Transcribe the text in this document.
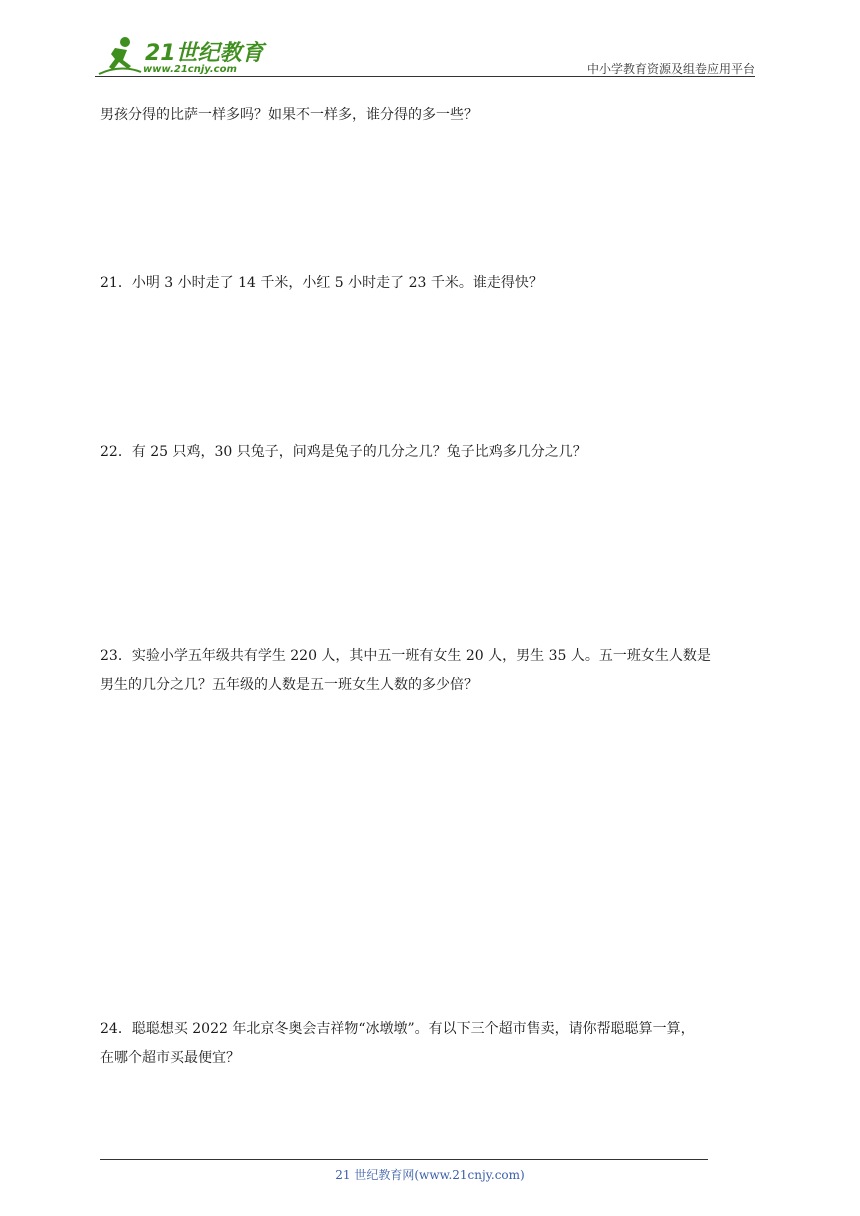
21世纪教育
www.21cnjy.com	中小学教育资源及组卷应用平台
男孩分得的比萨一样多吗？如果不一样多，谁分得的多一些？
21．小明 3 小时走了 14 千米，小红 5 小时走了 23 千米。谁走得快？
22．有 25 只鸡，30 只兔子，问鸡是兔子的几分之几？兔子比鸡多几分之几？
23．实验小学五年级共有学生 220 人，其中五一班有女生 20 人，男生 35 人。五一班女生人数是
男生的几分之几？五年级的人数是五一班女生人数的多少倍？
24．聪聪想买 2022 年北京冬奥会吉祥物“冰墩墩”。有以下三个超市售卖，请你帮聪聪算一算，
在哪个超市买最便宜？
21 世纪教育网(www.21cnjy.com)
